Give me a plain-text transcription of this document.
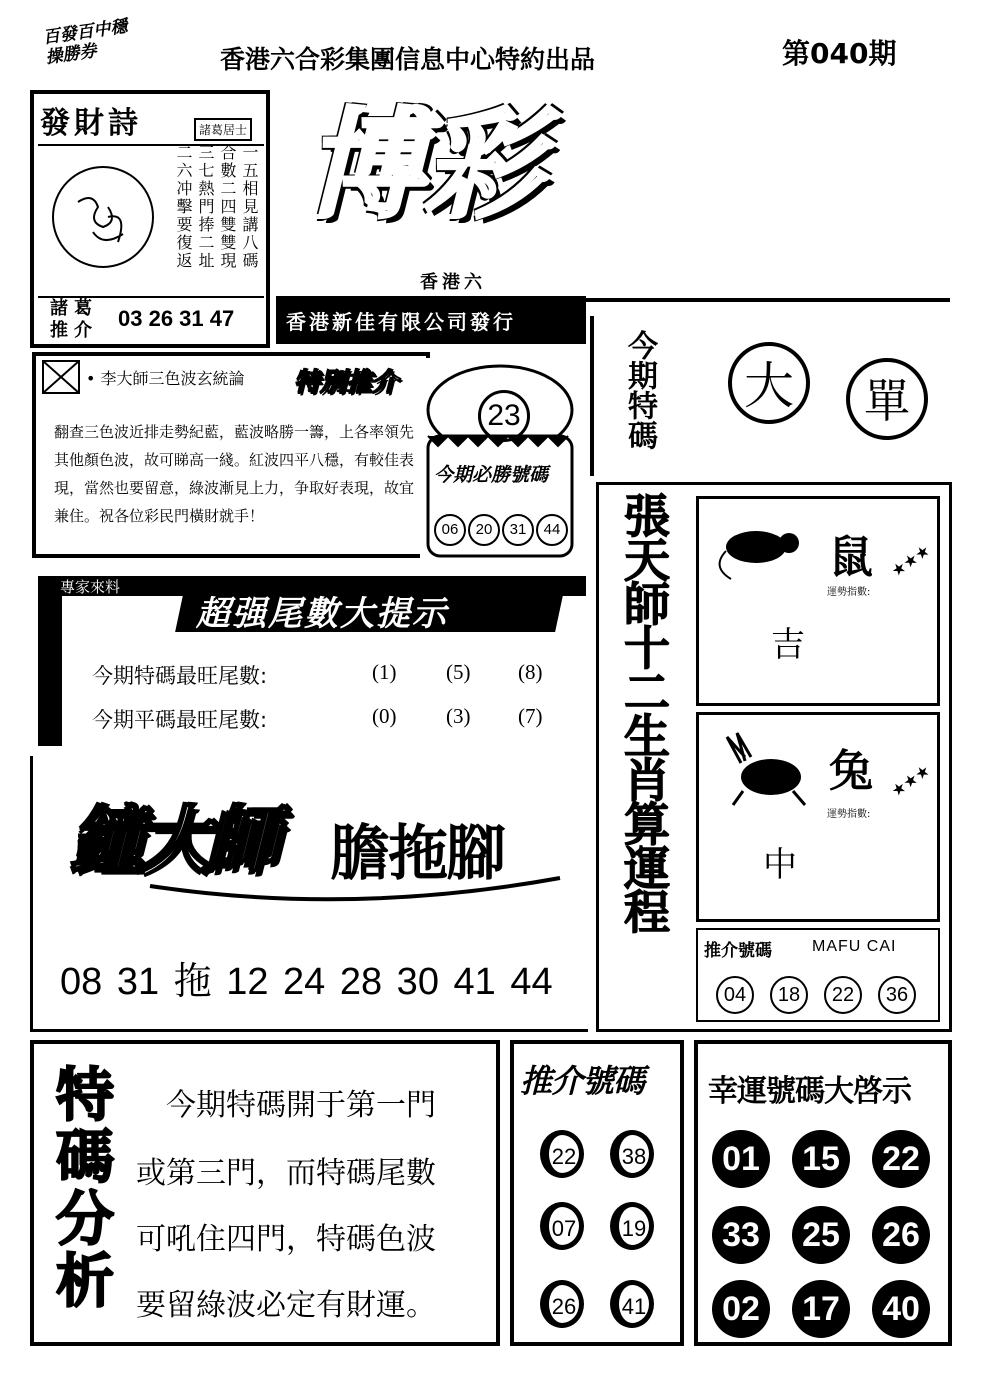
百發百中穩操勝券	香港六合彩集團信息中心特約出品	第040期
發財詩	諸葛居士
一五相見講八碼
合數二四雙雙現
三七熱門捧二址
二六冲擊要復返
諸葛
推介 03 26 31 47
博彩
香港六
香港新佳有限公司發行
• 李大師三色波玄統論 特別推介
翻查三色波近排走勢紀藍，藍波略勝一籌，上各率領先其他顏色波，故可睇高一綫。紅波四平八穩，有較佳表現，當然也要留意，綠波漸見上力，争取好表現，故宜兼住。祝各位彩民門橫財就手！
23
今期必勝號碼
06	20	31	44
今期特碼	大	單
專家來料
超强尾數大提示
今期特碼最旺尾數:	(1) (5) (8)
今期平碼最旺尾數:	(0) (3) (7)
鐘大師 膽拖腳
08 31 拖 12 24 28 30 41 44
張天師十二生肖算運程	鼠
運勢指數:
★★★
吉
兔
運勢指數:
★★★
中
推介號碼	MAFU CAI
04	18	22	36
特碼分析 今期特碼開于第一門
或第三門，而特碼尾數
可吼住四門，特碼色波
要留綠波必定有財運。
推介號碼
22	38
07	19
26	41
幸運號碼大啓示
01 15 22
33 25 26
02 17 40
